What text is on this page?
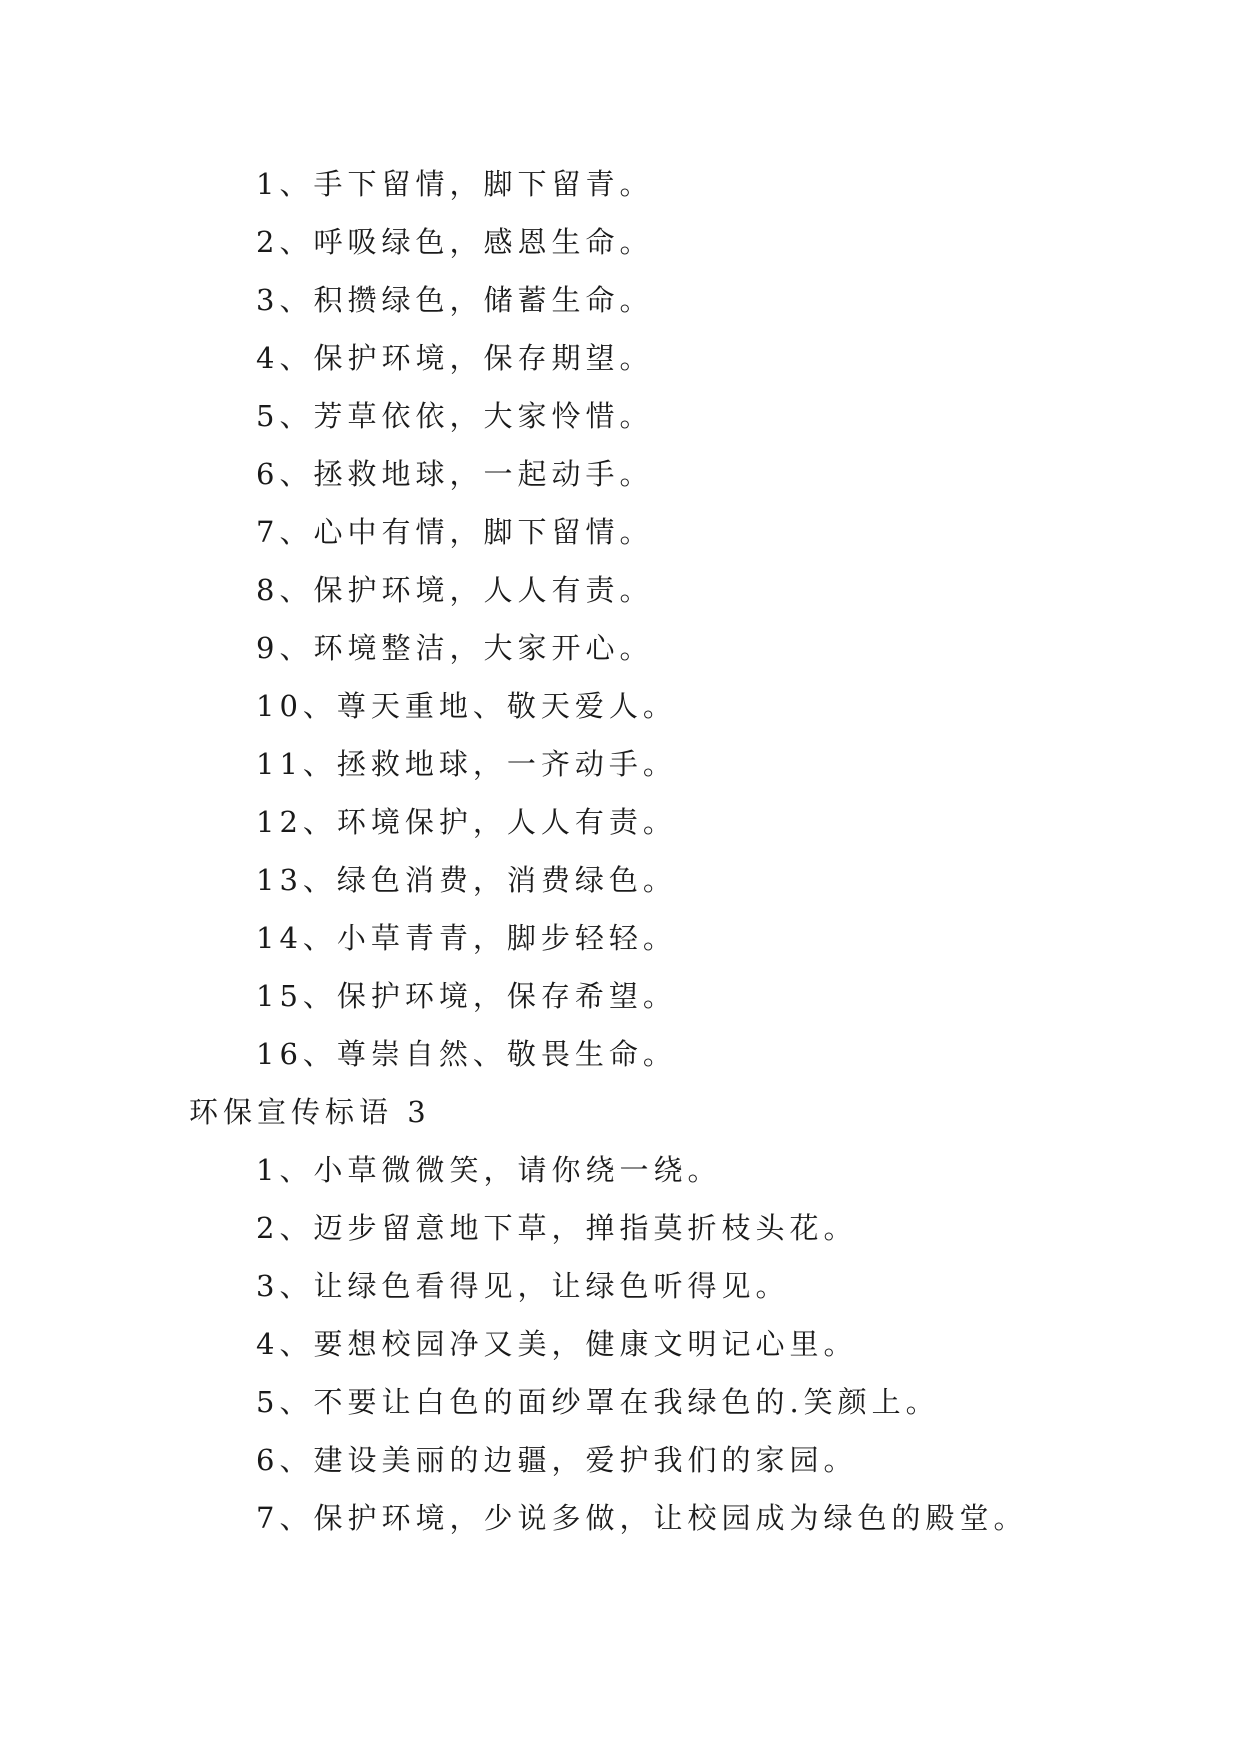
1、手下留情，脚下留青。
2、呼吸绿色，感恩生命。
3、积攒绿色，储蓄生命。
4、保护环境，保存期望。
5、芳草依依，大家怜惜。
6、拯救地球，一起动手。
7、心中有情，脚下留情。
8、保护环境，人人有责。
9、环境整洁，大家开心。
10、尊天重地、敬天爱人。
11、拯救地球，一齐动手。
12、环境保护，人人有责。
13、绿色消费，消费绿色。
14、小草青青，脚步轻轻。
15、保护环境，保存希望。
16、尊崇自然、敬畏生命。
环保宣传标语 3
1、小草微微笑，请你绕一绕。
2、迈步留意地下草，掸指莫折枝头花。
3、让绿色看得见，让绿色听得见。
4、要想校园净又美，健康文明记心里。
5、不要让白色的面纱罩在我绿色的.笑颜上。
6、建设美丽的边疆，爱护我们的家园。
7、保护环境，少说多做，让校园成为绿色的殿堂。
